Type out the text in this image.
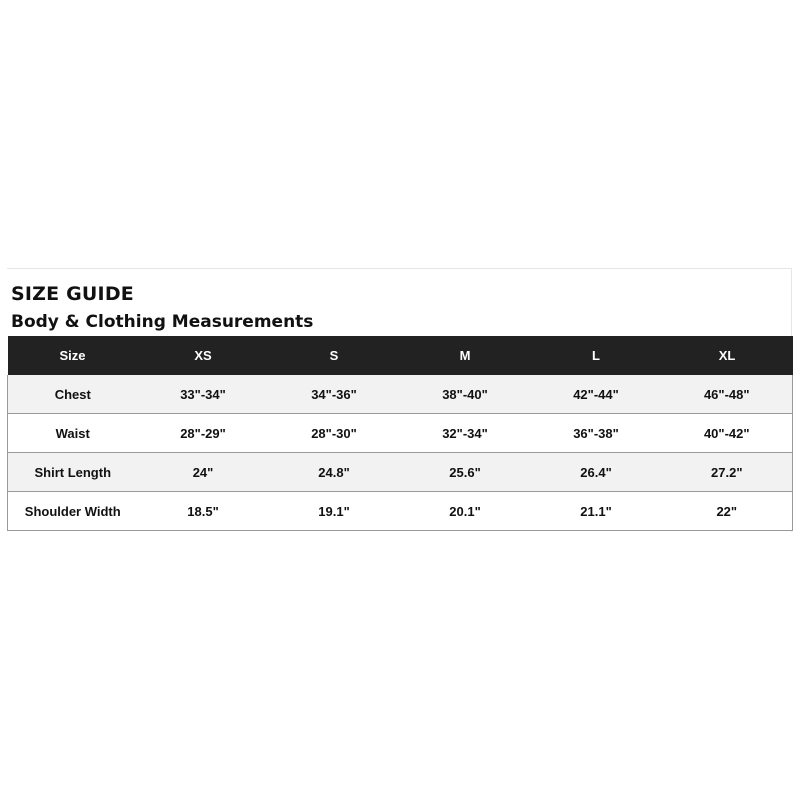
SIZE GUIDE
Body & Clothing Measurements
Size	XS	S	M	L	XL
Chest	33"-34"	34"-36"	38"-40"	42"-44"	46"-48"
Waist	28"-29"	28"-30"	32"-34"	36"-38"	40"-42"
Shirt Length	24"	24.8"	25.6"	26.4"	27.2"
Shoulder Width	18.5"	19.1"	20.1"	21.1"	22"
